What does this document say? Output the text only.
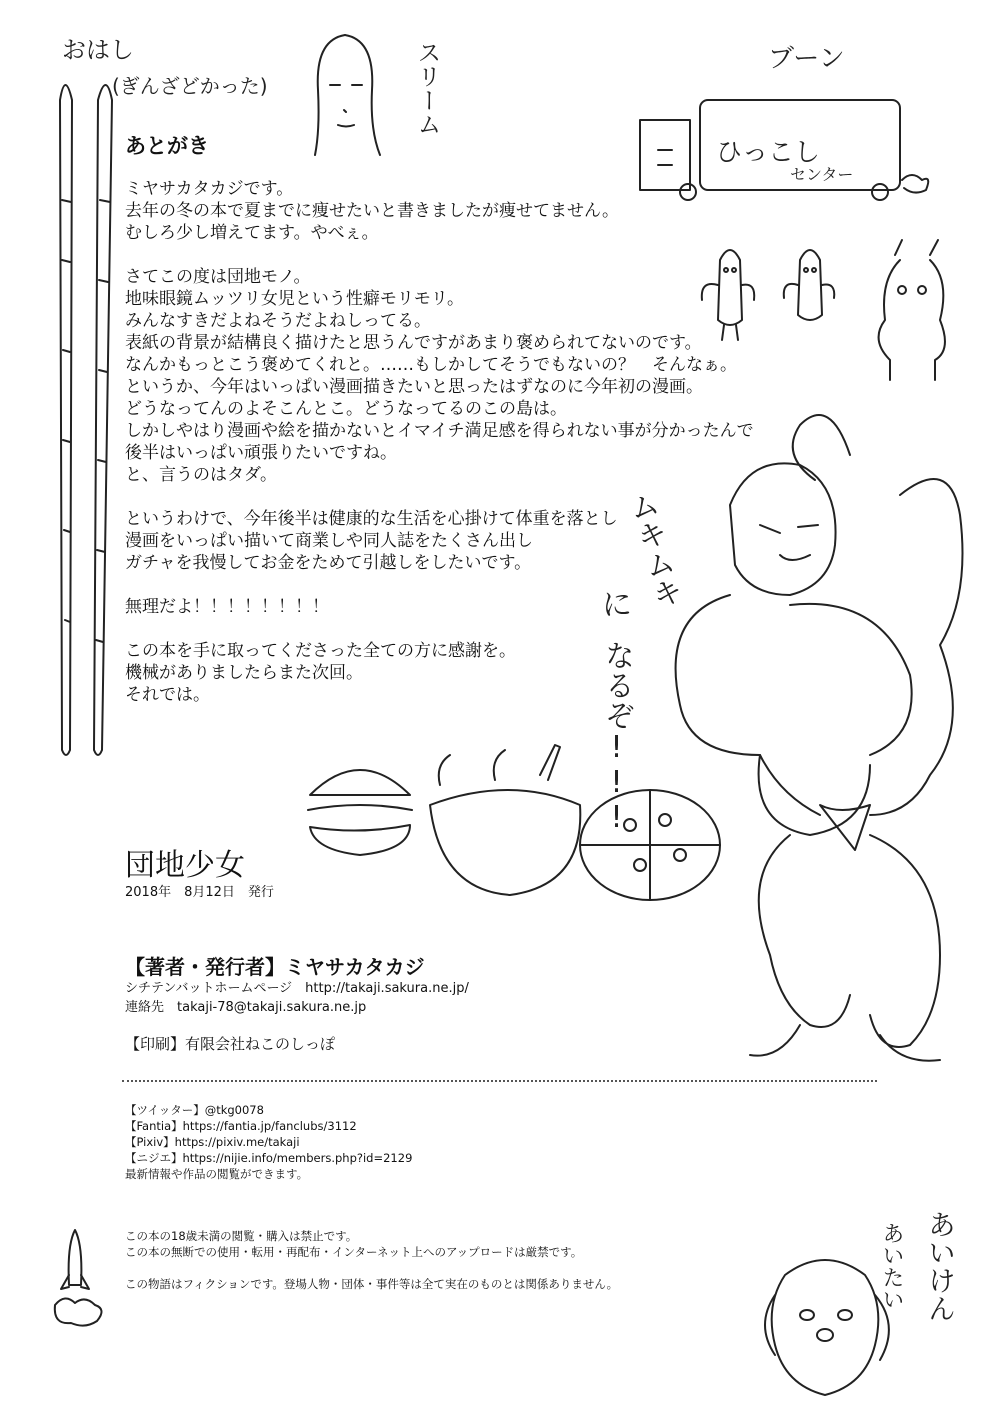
おはし
(ぎんざどかった)	スリーム	ブーン
ひっこし
センター
あとがき
ミヤサカタカジです。
去年の冬の本で夏までに痩せたいと書きましたが痩せてません。
むしろ少し増えてます。やべぇ。
さてこの度は団地モノ。
地味眼鏡ムッツリ女児という性癖モリモリ。
みんなすきだよねそうだよねしってる。
表紙の背景が結構良く描けたと思うんですがあまり褒められてないのです。
なんかもっとこう褒めてくれと。……もしかしてそうでもないの？　そんなぁ。
というか、今年はいっぱい漫画描きたいと思ったはずなのに今年初の漫画。
どうなってんのよそこんとこ。どうなってるのこの島は。
しかしやはり漫画や絵を描かないとイマイチ満足感を得られない事が分かったんで
後半はいっぱい頑張りたいですね。
と、言うのはタダ。
というわけで、今年後半は健康的な生活を心掛けて体重を落とし
漫画をいっぱい描いて商業しや同人誌をたくさん出し
ガチャを我慢してお金をためて引越しをしたいです。
無理だよ！！！！！！！！
この本を手に取ってくださった全ての方に感謝を。
機械がありましたらまた次回。
それでは。
ムキムキ
に
なるぞ!!!
団地少女
2018年　8月12日　発行
【著者・発行者】ミヤサカタカジ
シチテンバットホームページ　http://takaji.sakura.ne.jp/
連絡先　takaji-78@takaji.sakura.ne.jp
【印刷】有限会社ねこのしっぽ
【ツイッター】@tkg0078
【Fantia】https://fantia.jp/fanclubs/3112
【Pixiv】https://pixiv.me/takaji
【ニジエ】https://nijie.info/members.php?id=2129
最新情報や作品の閲覧ができます。
この本の18歳未満の閲覧・購入は禁止です。
この本の無断での使用・転用・再配布・インターネット上へのアップロードは厳禁です。
この物語はフィクションです。登場人物・団体・事件等は全て実在のものとは関係ありません。	あいけん
あいたい
